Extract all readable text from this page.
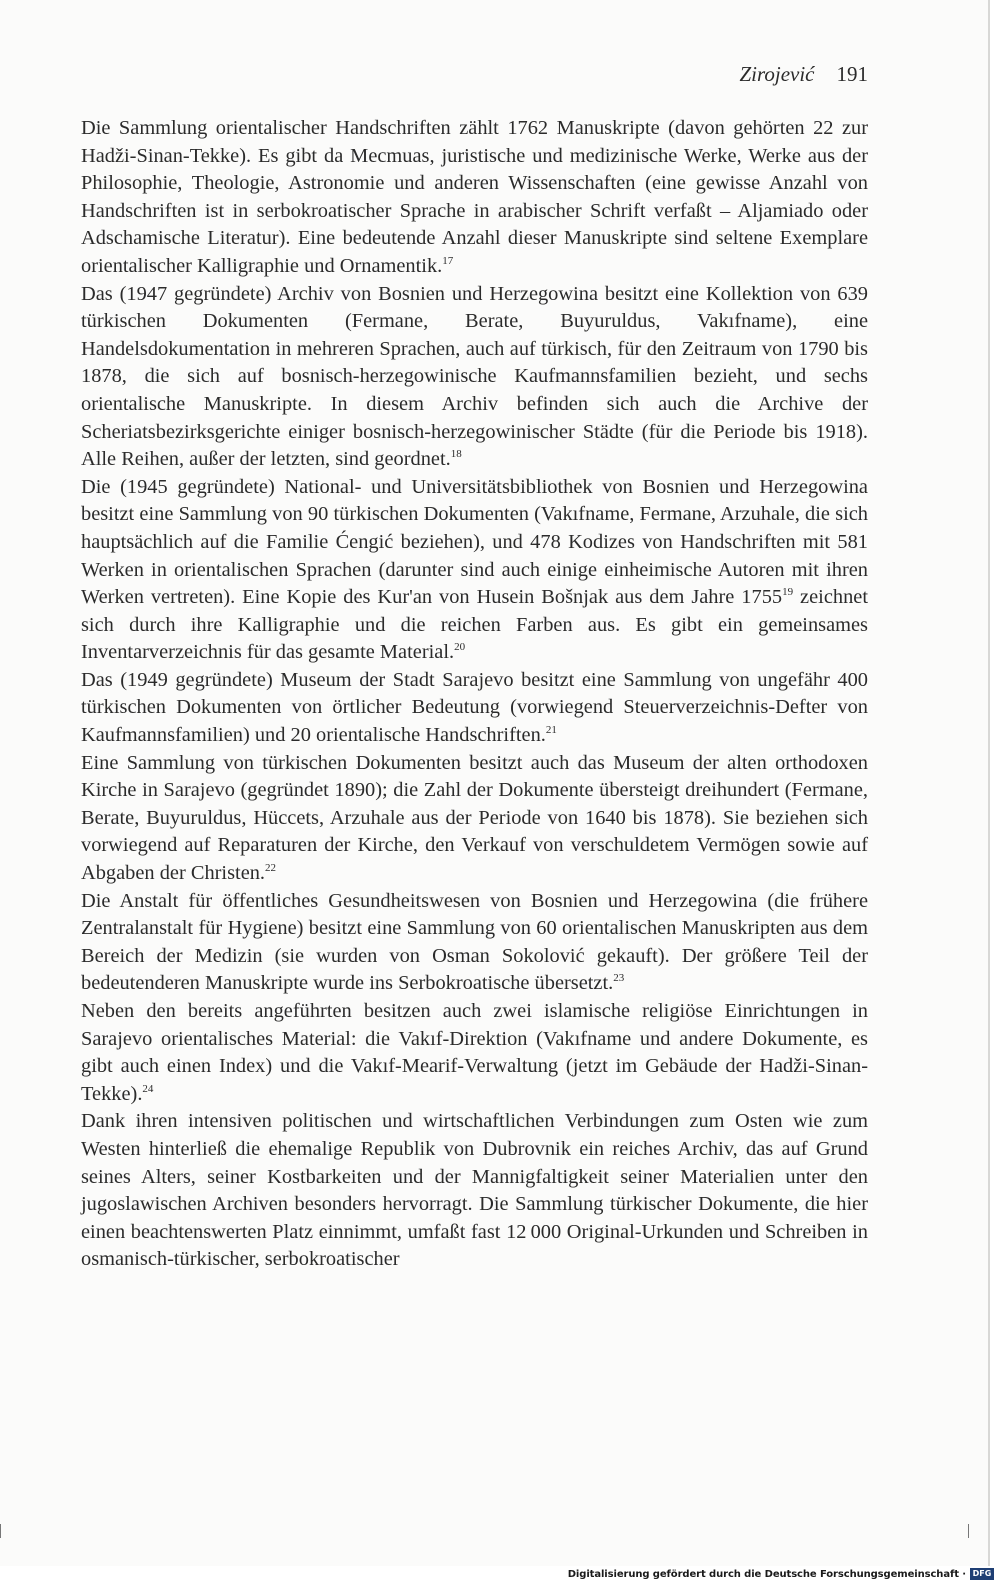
Zirojević 191

Die Sammlung orientalischer Handschriften zählt 1762 Manuskripte (davon gehörten 22 zur Hadži-Sinan-Tekke). Es gibt da Mecmuas, juristische und medizinische Werke, Werke aus der Philosophie, Theologie, Astronomie und anderen Wissenschaften (eine gewisse Anzahl von Handschriften ist in serbokroatischer Sprache in arabischer Schrift verfaßt – Aljamiado oder Adschamische Literatur). Eine bedeutende Anzahl dieser Manuskripte sind seltene Exemplare orientalischer Kalligraphie und Ornamentik.$^{17}$

Das (1947 gegründete) Archiv von Bosnien und Herzegowina besitzt eine Kollektion von 639 türkischen Dokumenten (Fermane, Berate, Buyuruldus, Vakıfname), eine Handelsdokumentation in mehreren Sprachen, auch auf türkisch, für den Zeitraum von 1790 bis 1878, die sich auf bosnisch-herzegowinische Kaufmannsfamilien bezieht, und sechs orientalische Manuskripte. In diesem Archiv befinden sich auch die Archive der Scheriatsbezirksgerichte einiger bosnisch-herzegowinischer Städte (für die Periode bis 1918). Alle Reihen, außer der letzten, sind geordnet.$^{18}$

Die (1945 gegründete) National- und Universitätsbibliothek von Bosnien und Herzegowina besitzt eine Sammlung von 90 türkischen Dokumenten (Vakıfname, Fermane, Arzuhale, die sich hauptsächlich auf die Familie Ćengić beziehen), und 478 Kodizes von Handschriften mit 581 Werken in orientalischen Sprachen (darunter sind auch einige einheimische Autoren mit ihren Werken vertreten). Eine Kopie des Kur'an von Husein Bošnjak aus dem Jahre 1755$^{19}$ zeichnet sich durch ihre Kalligraphie und die reichen Farben aus. Es gibt ein gemeinsames Inventarverzeichnis für das gesamte Material.$^{20}$

Das (1949 gegründete) Museum der Stadt Sarajevo besitzt eine Sammlung von ungefähr 400 türkischen Dokumenten von örtlicher Bedeutung (vorwiegend Steuerverzeichnis-Defter von Kaufmannsfamilien) und 20 orientalische Handschriften.$^{21}$

Eine Sammlung von türkischen Dokumenten besitzt auch das Museum der alten orthodoxen Kirche in Sarajevo (gegründet 1890); die Zahl der Dokumente übersteigt dreihundert (Fermane, Berate, Buyuruldus, Hüccets, Arzuhale aus der Periode von 1640 bis 1878). Sie beziehen sich vorwiegend auf Reparaturen der Kirche, den Verkauf von verschuldetem Vermögen sowie auf Abgaben der Christen.$^{22}$

Die Anstalt für öffentliches Gesundheitswesen von Bosnien und Herzegowina (die frühere Zentralanstalt für Hygiene) besitzt eine Sammlung von 60 orientalischen Manuskripten aus dem Bereich der Medizin (sie wurden von Osman Sokolović gekauft). Der größere Teil der bedeutenderen Manuskripte wurde ins Serbokroatische übersetzt.$^{23}$

Neben den bereits angeführten besitzen auch zwei islamische religiöse Einrichtungen in Sarajevo orientalisches Material: die Vakıf-Direktion (Vakıfname und andere Dokumente, es gibt auch einen Index) und die Vakıf-Mearif-Verwaltung (jetzt im Gebäude der Hadži-Sinan-Tekke).$^{24}$

Dank ihren intensiven politischen und wirtschaftlichen Verbindungen zum Osten wie zum Westen hinterließ die ehemalige Republik von Dubrovnik ein reiches Archiv, das auf Grund seines Alters, seiner Kostbarkeiten und der Mannigfaltigkeit seiner Materialien unter den jugoslawischen Archiven besonders hervorragt. Die Sammlung türkischer Dokumente, die hier einen beachtenswerten Platz einnimmt, umfaßt fast 12 000 Original-Urkunden und Schreiben in osmanisch-türkischer, serbokroatischer

Digitalisierung gefördert durch die Deutsche Forschungsgemeinschaft · DFG
